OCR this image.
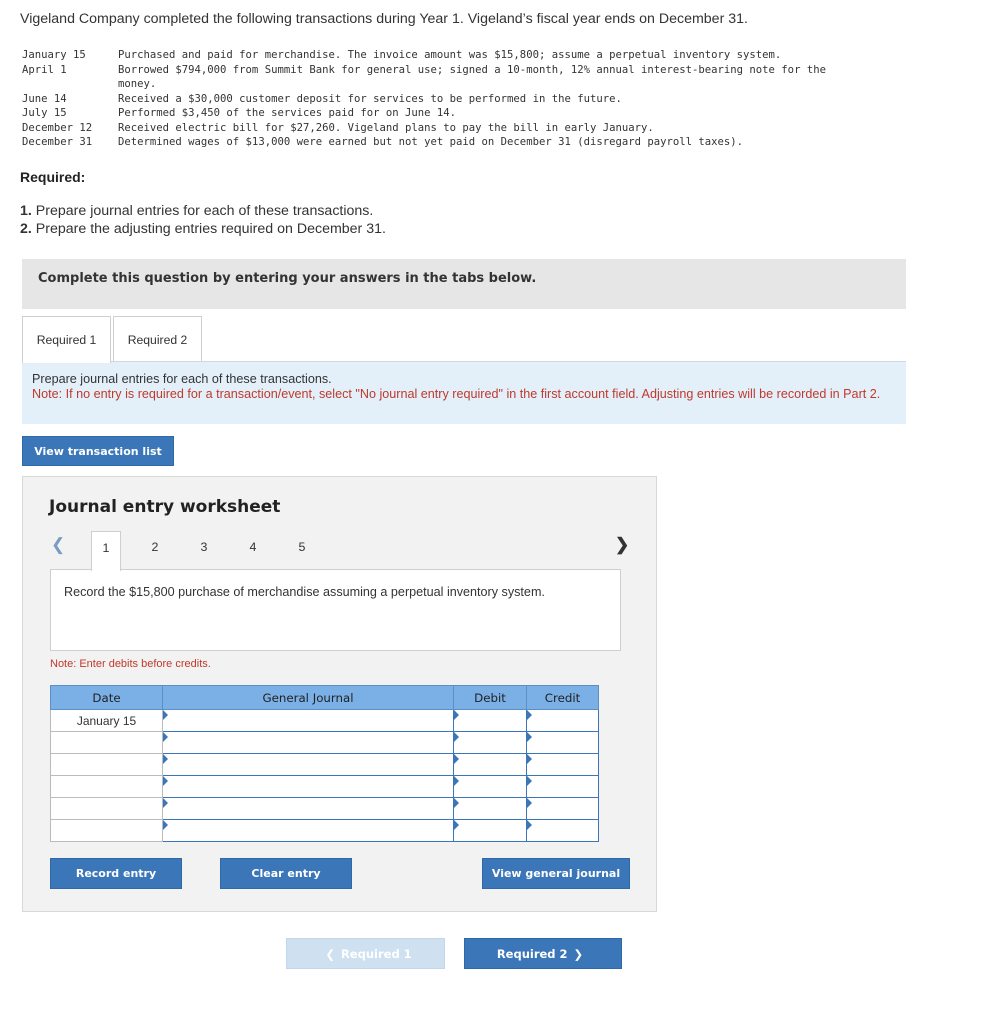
Vigeland Company completed the following transactions during Year 1. Vigeland’s fiscal year ends on December 31.
January 15	Purchased and paid for merchandise. The invoice amount was $15,800; assume a perpetual inventory system.
April 1	Borrowed $794,000 from Summit Bank for general use; signed a 10-month, 12% annual interest-bearing note for the
money.
June 14	Received a $30,000 customer deposit for services to be performed in the future.
July 15	Performed $3,450 of the services paid for on June 14.
December 12	Received electric bill for $27,260. Vigeland plans to pay the bill in early January.
December 31	Determined wages of $13,000 were earned but not yet paid on December 31 (disregard payroll taxes).
Required:
1. Prepare journal entries for each of these transactions.
2. Prepare the adjusting entries required on December 31.
Complete this question by entering your answers in the tabs below.
Required 1	Required 2
Prepare journal entries for each of these transactions.
Note: If no entry is required for a transaction/event, select "No journal entry required" in the first account field. Adjusting entries will be recorded in Part 2.
View transaction list
Journal entry worksheet
❮	1	2	3	4	5	❯
Record the $15,800 purchase of merchandise assuming a perpetual inventory system.
Note: Enter debits before credits.
Date	General Journal	Debit	Credit
January 15	

Record entry	Clear entry	View general journal
❮ Required 1	Required 2 ❯
